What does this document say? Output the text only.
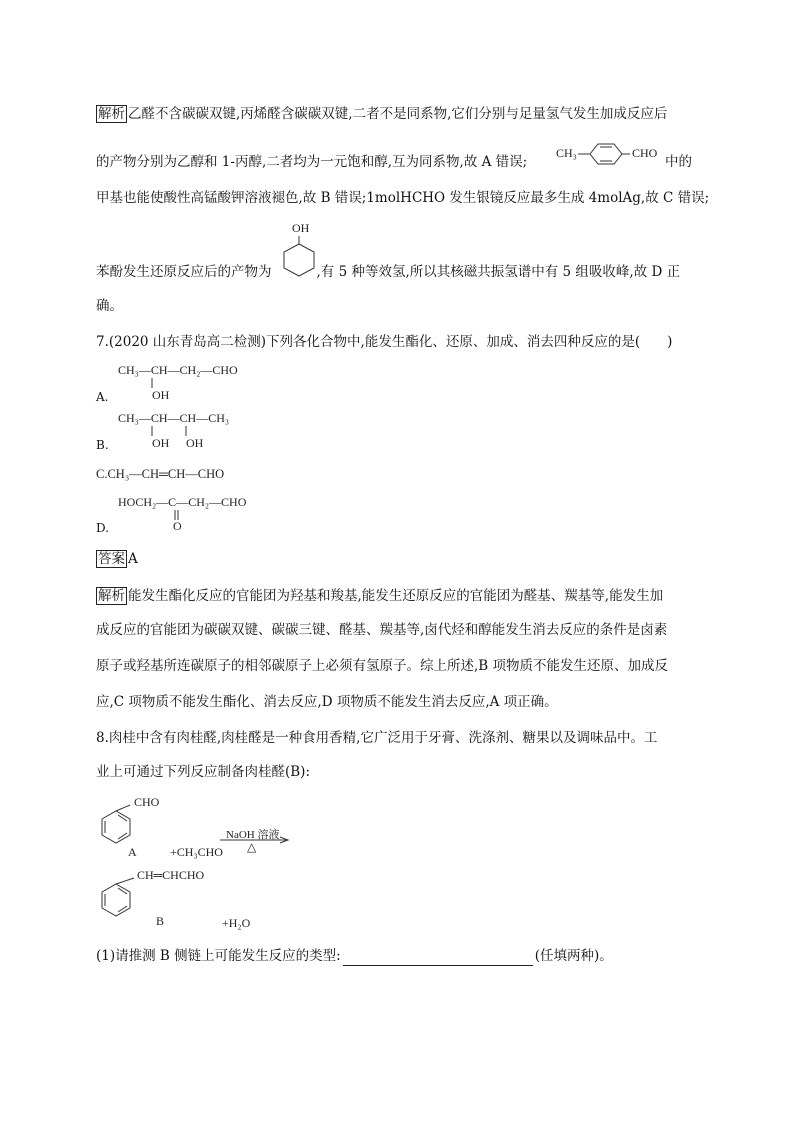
解析 乙醛不含碳碳双键,丙烯醛含碳碳双键,二者不是同系物,它们分别与足量氢气发生加成反应后
的产物分别为乙醇和 1-丙醇,二者均为一元饱和醇,互为同系物,故 A 错误;
CH₃	CHO
中的
甲基也能使酸性高锰酸钾溶液褪色,故 B 错误;1molHCHO 发生银镜反应最多生成 4molAg,故 C 错误;
OH
苯酚发生还原反应后的产物为	,有 5 种等效氢,所以其核磁共振氢谱中有 5 组吸收峰,故 D 正
确。
7.(2020 山东青岛高二检测)下列各化合物中,能发生酯化、还原、加成、消去四种反应的是(　　)
CH₃—CH—CH₂—CHO
A.	OH
CH₃—CH—CH—CH₃
B.	OH OH
C.CH₃—CH═CH—CHO
HOCH₂—C—CH₂—CHO
D.	O
答案 A
解析 能发生酯化反应的官能团为羟基和羧基,能发生还原反应的官能团为醛基、羰基等,能发生加
成反应的官能团为碳碳双键、碳碳三键、醛基、羰基等,卤代烃和醇能发生消去反应的条件是卤素
原子或羟基所连碳原子的相邻碳原子上必须有氢原子。综上所述,B 项物质不能发生还原、加成反
应,C 项物质不能发生酯化、消去反应,D 项物质不能发生消去反应,A 项正确。
8.肉桂中含有肉桂醛,肉桂醛是一种食用香精,它广泛用于牙膏、洗涤剂、糖果以及调味品中。工
业上可通过下列反应制备肉桂醛(B):
CHO
A	+CH₃CHO
NaOH 溶液
△
CH═CHCHO
B	+H₂O
(1)请推测 B 侧链上可能发生反应的类型:	(任填两种)。
